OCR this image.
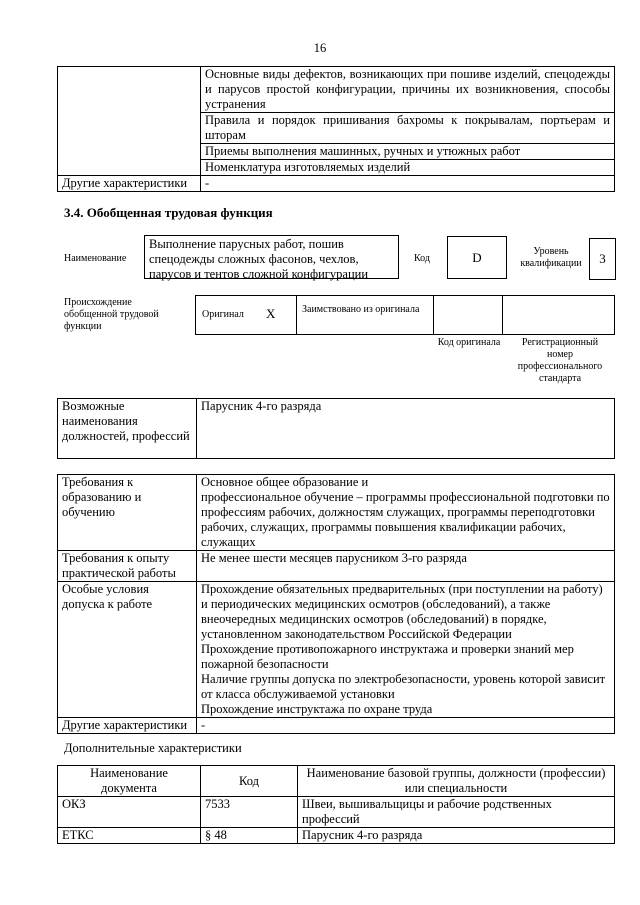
16
	Основные виды дефектов, возникающих при пошиве изделий, спецодежды и парусов простой конфигурации, причины их возникновения, способы устранения
	Правила и порядок пришивания бахромы к покрывалам, портьерам и шторам
	Приемы выполнения машинных, ручных и утюжных работ
	Номенклатура изготовляемых изделий
Другие характеристики	-
3.4. Обобщенная трудовая функция
Наименование
Выполнение парусных работ, пошив спецодежды сложных фасонов, чехлов, парусов и тентов сложной конфигурации
Код	D	Уровень квалификации	3
Происхождение обобщенной трудовой функции
Оригинал X	Заимствовано из оригинала
Код оригинала	Регистрационный номер профессионального стандарта
Возможные наименования должностей, профессий	Парусник 4-го разряда
Требования к образованию и обучению	Основное общее образование и
профессиональное обучение – программы профессиональной подготовки по профессиям рабочих, должностям служащих, программы переподготовки рабочих, служащих, программы повышения квалификации рабочих, служащих

Требования к опыту практической работы	Не менее шести месяцев парусником 3-го разряда
Особые условия допуска к работе	Прохождение обязательных предварительных (при поступлении на работу) и периодических медицинских осмотров (обследований), а также внеочередных медицинских осмотров (обследований) в порядке, установленном законодательством Российской Федерации
Прохождение противопожарного инструктажа и проверки знаний мер пожарной безопасности
Наличие группы допуска по электробезопасности, уровень которой зависит от класса обслуживаемой установки
Прохождение инструктажа по охране труда

Другие характеристики	-
Дополнительные характеристики
Наименование документа	Код	Наименование базовой группы, должности (профессии) или специальности
ОКЗ	7533	Швеи, вышивальщицы и рабочие родственных профессий
ЕТКС	§ 48	Парусник 4-го разряда
